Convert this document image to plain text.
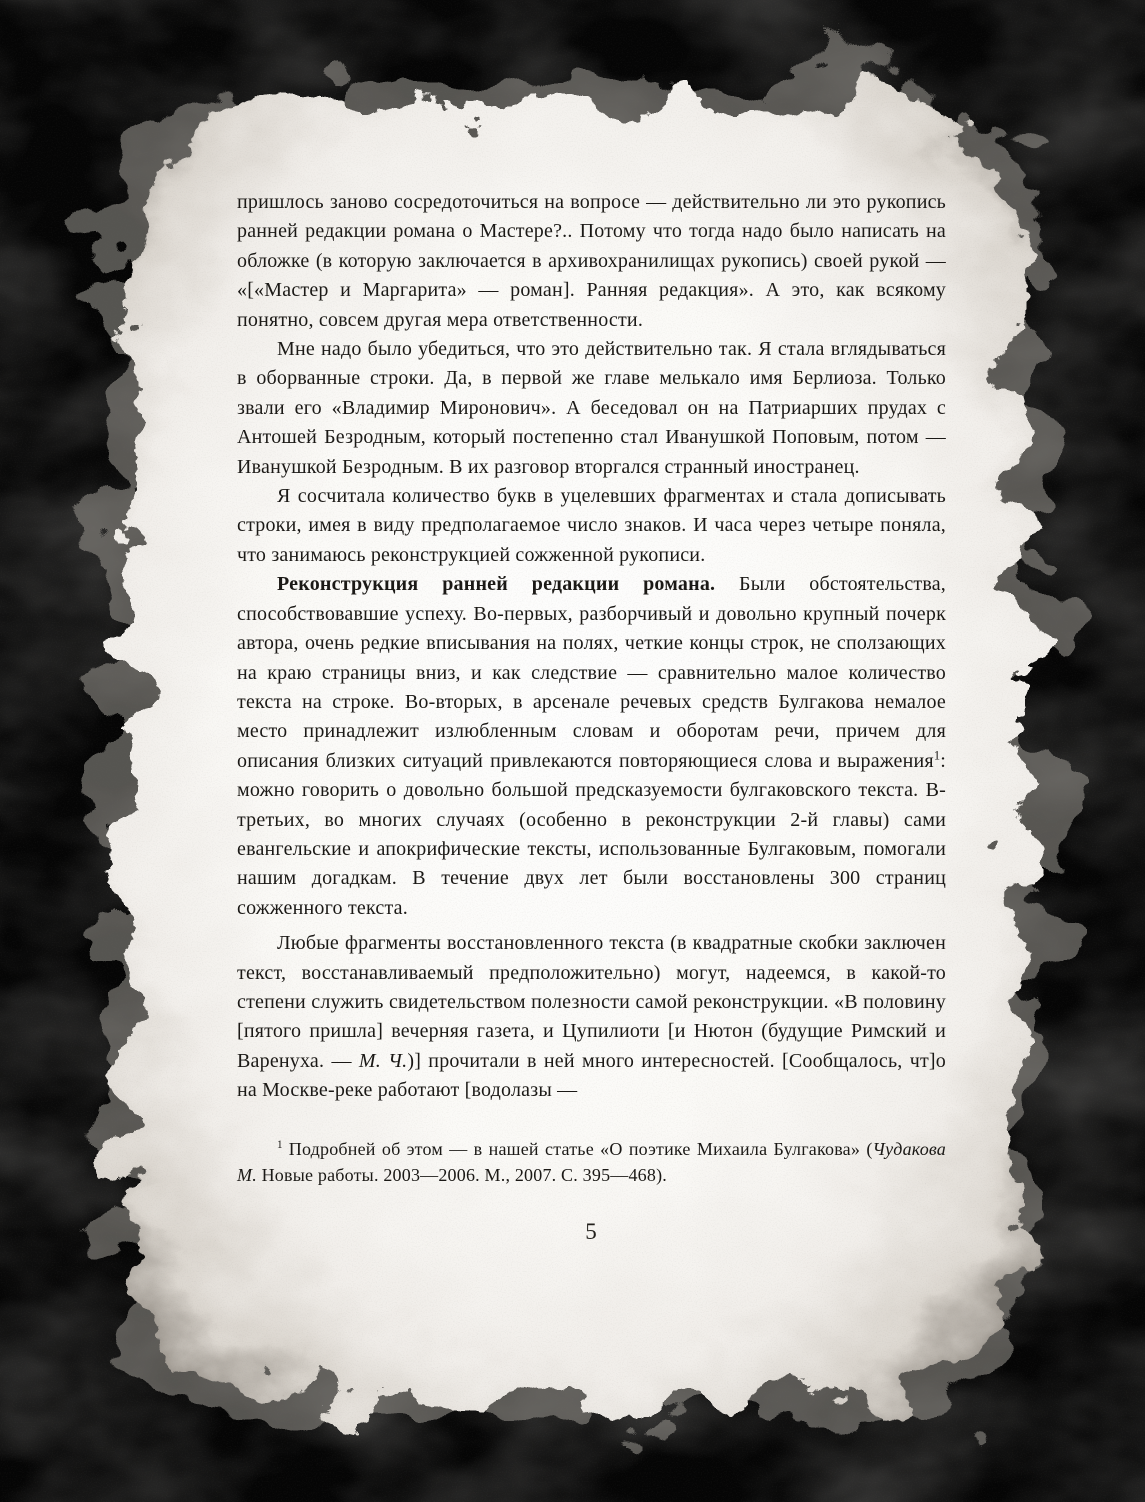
пришлось заново сосредоточиться на вопросе — действительно ли это рукопись ранней редакции романа о Мастере?.. Потому что тогда надо было написать на обложке (в которую заключается в архивохранилищах рукопись) своей рукой — «[«Мастер и Маргарита» — роман]. Ранняя редакция». А это, как всякому понятно, совсем другая мера ответственности.

Мне надо было убедиться, что это действительно так. Я стала вглядываться в оборванные строки. Да, в первой же главе мелькало имя Берлиоза. Только звали его «Владимир Миронович». А беседовал он на Патриарших прудах с Антошей Безродным, который постепенно стал Иванушкой Поповым, потом — Иванушкой Безродным. В их разговор вторгался странный иностранец.

Я сосчитала количество букв в уцелевших фрагментах и стала дописывать строки, имея в виду предполагаемое число знаков. И часа через четыре поняла, что занимаюсь реконструкцией сожженной рукописи.

Реконструкция ранней редакции романа. Были обстоятельства, способствовавшие успеху. Во-первых, разборчивый и довольно крупный почерк автора, очень редкие вписывания на полях, четкие концы строк, не сползающих на краю страницы вниз, и как следствие — сравнительно малое количество текста на строке. Во-вторых, в арсенале речевых средств Булгакова немалое место принадлежит излюбленным словам и оборотам речи, причем для описания близких ситуаций привлекаются повторяющиеся слова и выражения$^1$: можно говорить о довольно большой предсказуемости булгаковского текста. В-третьих, во многих случаях (особенно в реконструкции 2-й главы) сами евангельские и апокрифические тексты, использованные Булгаковым, помогали нашим догадкам. В течение двух лет были восстановлены 300 страниц сожженного текста.

Любые фрагменты восстановленного текста (в квадратные скобки заключен текст, восстанавливаемый предположительно) могут, надеемся, в какой-то степени служить свидетельством полезности самой реконструкции. «В половину [пятого пришла] вечерняя газета, и Цупилиоти [и Нютон (будущие Римский и Варенуха. — М. Ч.)] прочитали в ней много интересностей. [Сообщалось, чт]о на Москве-реке работают [водолазы —

$^1$ Подробней об этом — в нашей статье «О поэтике Михаила Булгакова» (Чудакова М. Новые работы. 2003—2006. М., 2007. С. 395—468).
5
